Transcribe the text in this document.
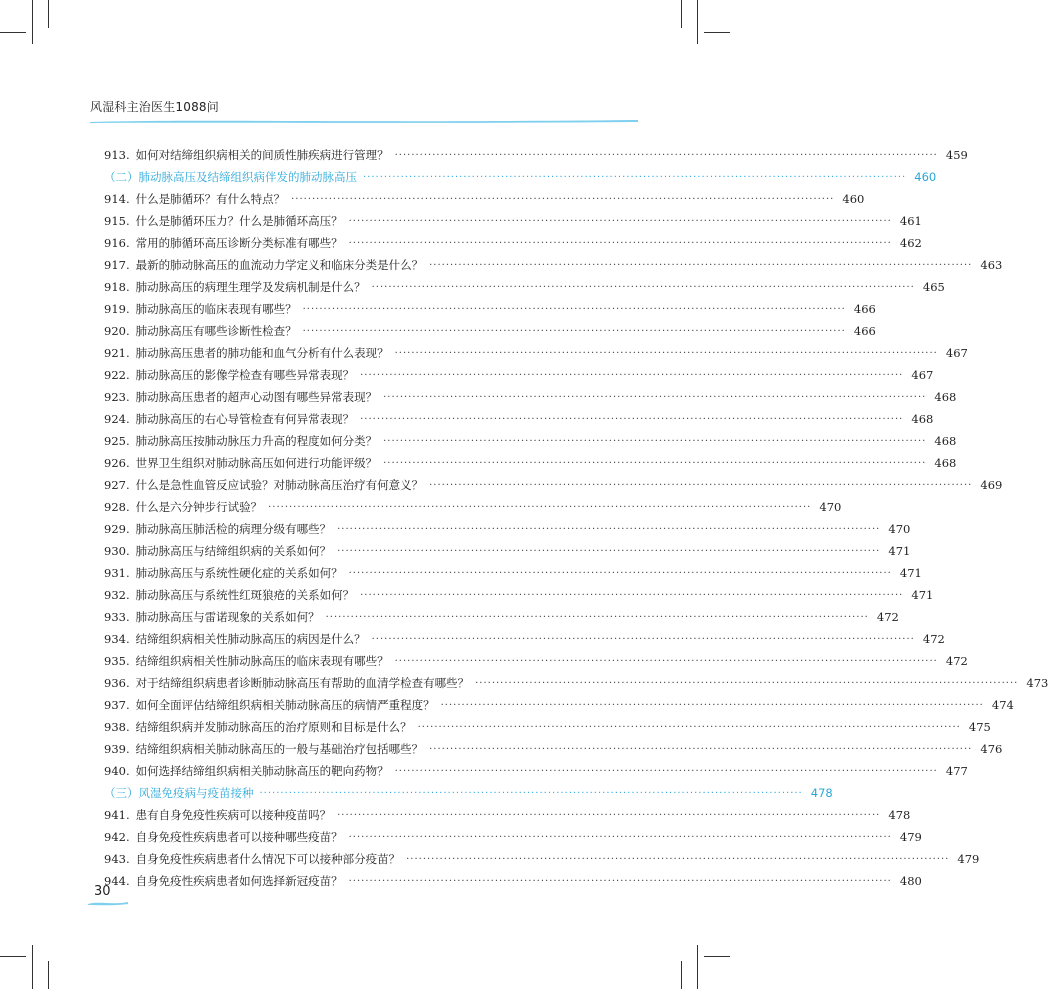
风湿科主治医生1088问
913. 如何对结缔组织病相关的间质性肺疾病进行管理？ ·····	459
（二）肺动脉高压及结缔组织病伴发的肺动脉高压 ·····	460
914. 什么是肺循环？有什么特点？ ·····	460
915. 什么是肺循环压力？什么是肺循环高压？ ·····	461
916. 常用的肺循环高压诊断分类标准有哪些？ ·····	462
917. 最新的肺动脉高压的血流动力学定义和临床分类是什么？ ·····	463
918. 肺动脉高压的病理生理学及发病机制是什么？ ·····	465
919. 肺动脉高压的临床表现有哪些？ ·····	466
920. 肺动脉高压有哪些诊断性检查？ ·····	466
921. 肺动脉高压患者的肺功能和血气分析有什么表现？ ·····	467
922. 肺动脉高压的影像学检查有哪些异常表现？ ·····	467
923. 肺动脉高压患者的超声心动图有哪些异常表现？ ·····	468
924. 肺动脉高压的右心导管检查有何异常表现？ ·····	468
925. 肺动脉高压按肺动脉压力升高的程度如何分类？ ·····	468
926. 世界卫生组织对肺动脉高压如何进行功能评级？ ·····	468
927. 什么是急性血管反应试验？对肺动脉高压治疗有何意义？ ·····	469
928. 什么是六分钟步行试验？ ·····	470
929. 肺动脉高压肺活检的病理分级有哪些？ ·····	470
930. 肺动脉高压与结缔组织病的关系如何？ ·····	471
931. 肺动脉高压与系统性硬化症的关系如何？ ·····	471
932. 肺动脉高压与系统性红斑狼疮的关系如何？ ·····	471
933. 肺动脉高压与雷诺现象的关系如何？ ·····	472
934. 结缔组织病相关性肺动脉高压的病因是什么？ ·····	472
935. 结缔组织病相关性肺动脉高压的临床表现有哪些？ ·····	472
936. 对于结缔组织病患者诊断肺动脉高压有帮助的血清学检查有哪些？ ·····	473
937. 如何全面评估结缔组织病相关肺动脉高压的病情严重程度？ ·····	474
938. 结缔组织病并发肺动脉高压的治疗原则和目标是什么？ ·····	475
939. 结缔组织病相关肺动脉高压的一般与基础治疗包括哪些？ ·····	476
940. 如何选择结缔组织病相关肺动脉高压的靶向药物？ ·····	477
（三）风湿免疫病与疫苗接种 ·····	478
941. 患有自身免疫性疾病可以接种疫苗吗？ ·····	478
942. 自身免疫性疾病患者可以接种哪些疫苗？ ·····	479
943. 自身免疫性疾病患者什么情况下可以接种部分疫苗？ ·····	479
944. 自身免疫性疾病患者如何选择新冠疫苗？ ·····	480
30
